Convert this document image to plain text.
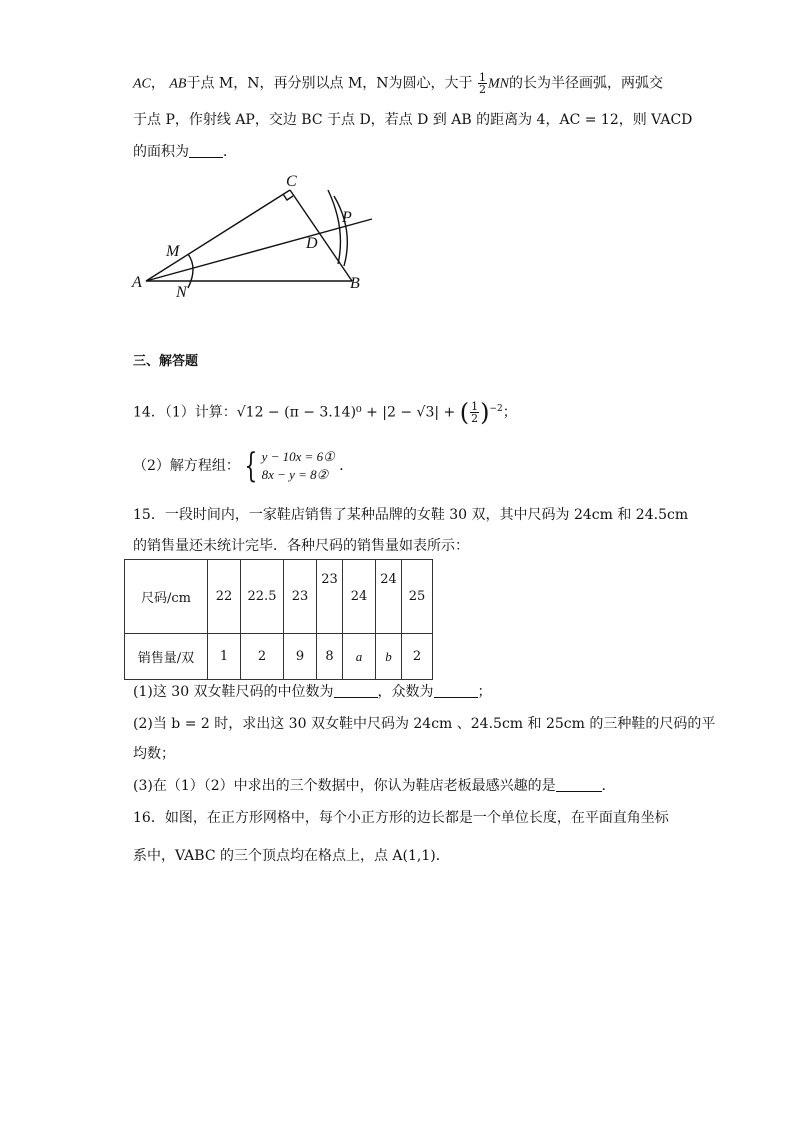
AC， AB于点 M，N，再分别以点 M，N为圆心，大于 $\frac{1}{2}$ MN的长为半径画弧，两弧交
于点 P，作射线 AP，交边 BC 于点 D，若点 D 到 AB 的距离为 4，AC = 12，则 VACD
的面积为 ．
C
P
M	D
A
N
B
三、解答题
14．（1）计算：√12 − (π − 3.14)⁰ + |2 − √3| + ( $\frac{1}{2} )^{-2}$；
（2）解方程组： { y − 10x = 6①
8x − y = 8②
．
15．一段时间内，一家鞋店销售了某种品牌的女鞋 30 双，其中尺码为 24cm 和 24.5cm
的销售量还未统计完毕．各种尺码的销售量如表所示：
尺码/cm	22	22.5	23	23	24	24	25
销售量/双	1	2	9	8	a	b	2
(1)这 30 双女鞋尺码的中位数为	，众数为	；
(2)当 b = 2 时，求出这 30 双女鞋中尺码为 24cm 、24.5cm 和 25cm 的三种鞋的尺码的平
均数；
(3)在（1）（2）中求出的三个数据中，你认为鞋店老板最感兴趣的是	．
16．如图，在正方形网格中，每个小正方形的边长都是一个单位长度，在平面直角坐标
系中，VABC 的三个顶点均在格点上，点 A(1,1)．
